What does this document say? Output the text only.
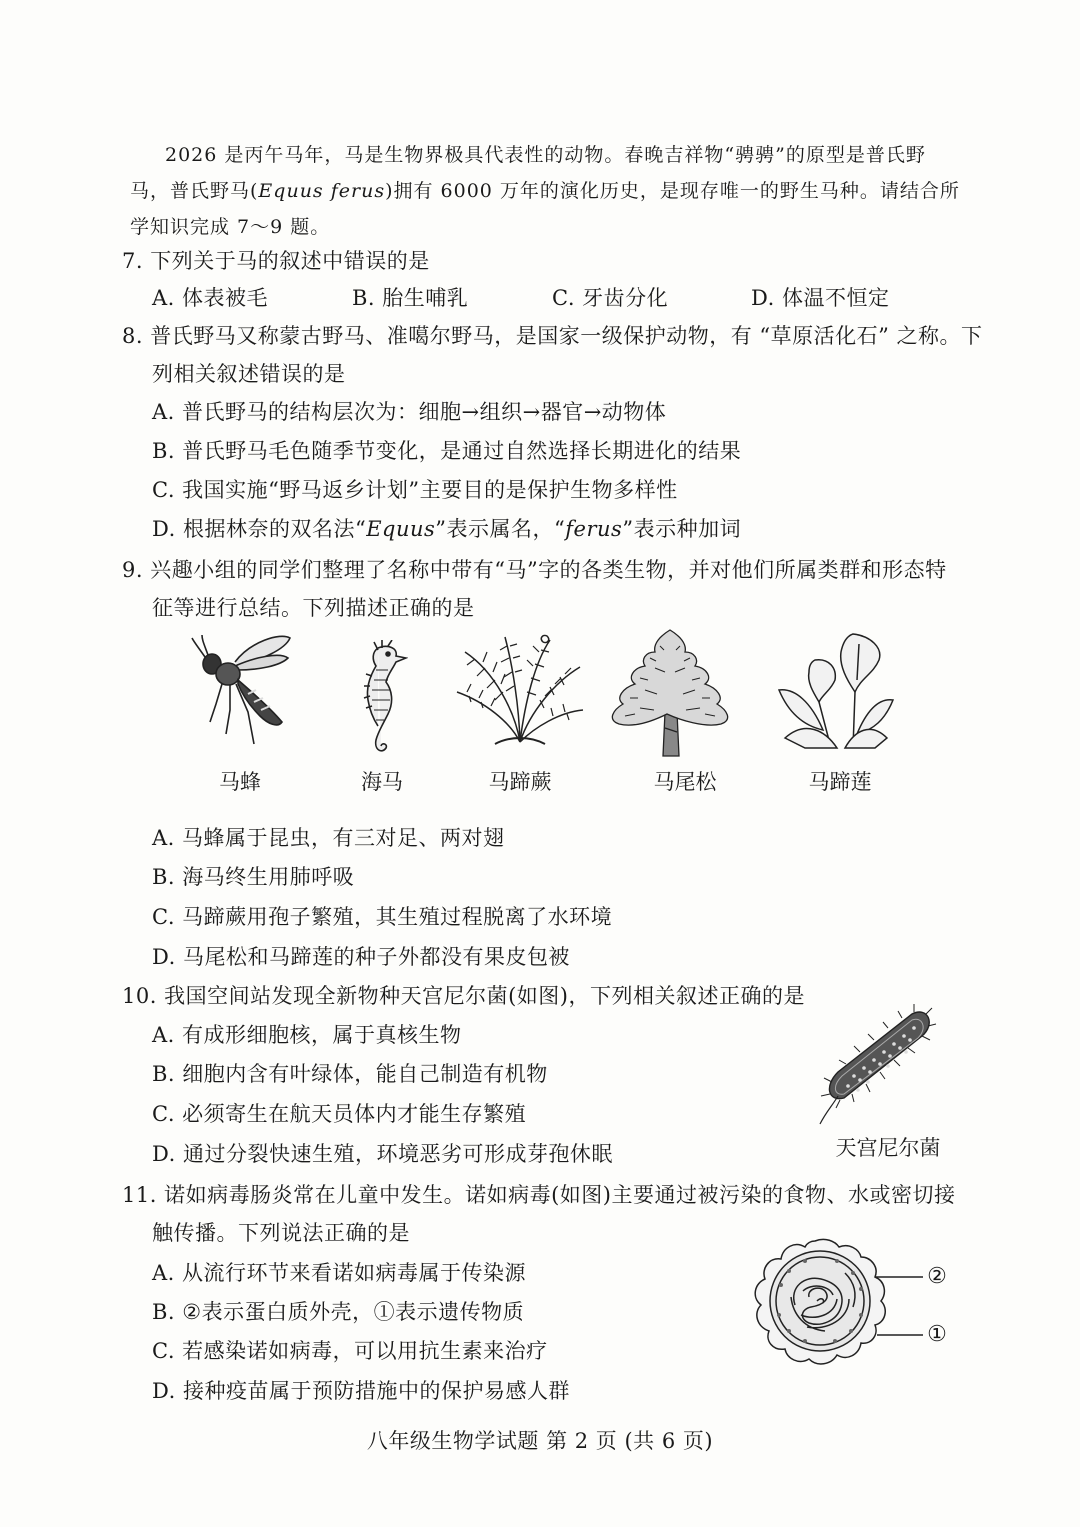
2026 是丙午马年，马是生物界极具代表性的动物。春晚吉祥物“骋骋”的原型是普氏野
马，普氏野马(Equus ferus)拥有 6000 万年的演化历史，是现存唯一的野生马种。请结合所
学知识完成 7～9 题。
7. 下列关于马的叙述中错误的是
A. 体表被毛	B. 胎生哺乳	C. 牙齿分化	D. 体温不恒定
8. 普氏野马又称蒙古野马、准噶尔野马，是国家一级保护动物，有 “草原活化石” 之称。下
列相关叙述错误的是
A. 普氏野马的结构层次为：细胞→组织→器官→动物体
B. 普氏野马毛色随季节变化，是通过自然选择长期进化的结果
C. 我国实施“野马返乡计划”主要目的是保护生物多样性
D. 根据林奈的双名法“Equus”表示属名，“ferus”表示种加词
9. 兴趣小组的同学们整理了名称中带有“马”字的各类生物，并对他们所属类群和形态特
征等进行总结。下列描述正确的是
马蜂	海马	马蹄蕨	马尾松	马蹄莲
A. 马蜂属于昆虫，有三对足、两对翅
B. 海马终生用肺呼吸
C. 马蹄蕨用孢子繁殖，其生殖过程脱离了水环境
D. 马尾松和马蹄莲的种子外都没有果皮包被
10. 我国空间站发现全新物种天宫尼尔菌(如图)，下列相关叙述正确的是
A. 有成形细胞核，属于真核生物
B. 细胞内含有叶绿体，能自己制造有机物
C. 必须寄生在航天员体内才能生存繁殖
D. 通过分裂快速生殖，环境恶劣可形成芽孢休眠	天宫尼尔菌
11. 诺如病毒肠炎常在儿童中发生。诺如病毒(如图)主要通过被污染的食物、水或密切接
触传播。下列说法正确的是
A. 从流行环节来看诺如病毒属于传染源
B. ②表示蛋白质外壳，①表示遗传物质
C. 若感染诺如病毒，可以用抗生素来治疗
D. 接种疫苗属于预防措施中的保护易感人群
②
①
八年级生物学试题 第 2 页 (共 6 页)
